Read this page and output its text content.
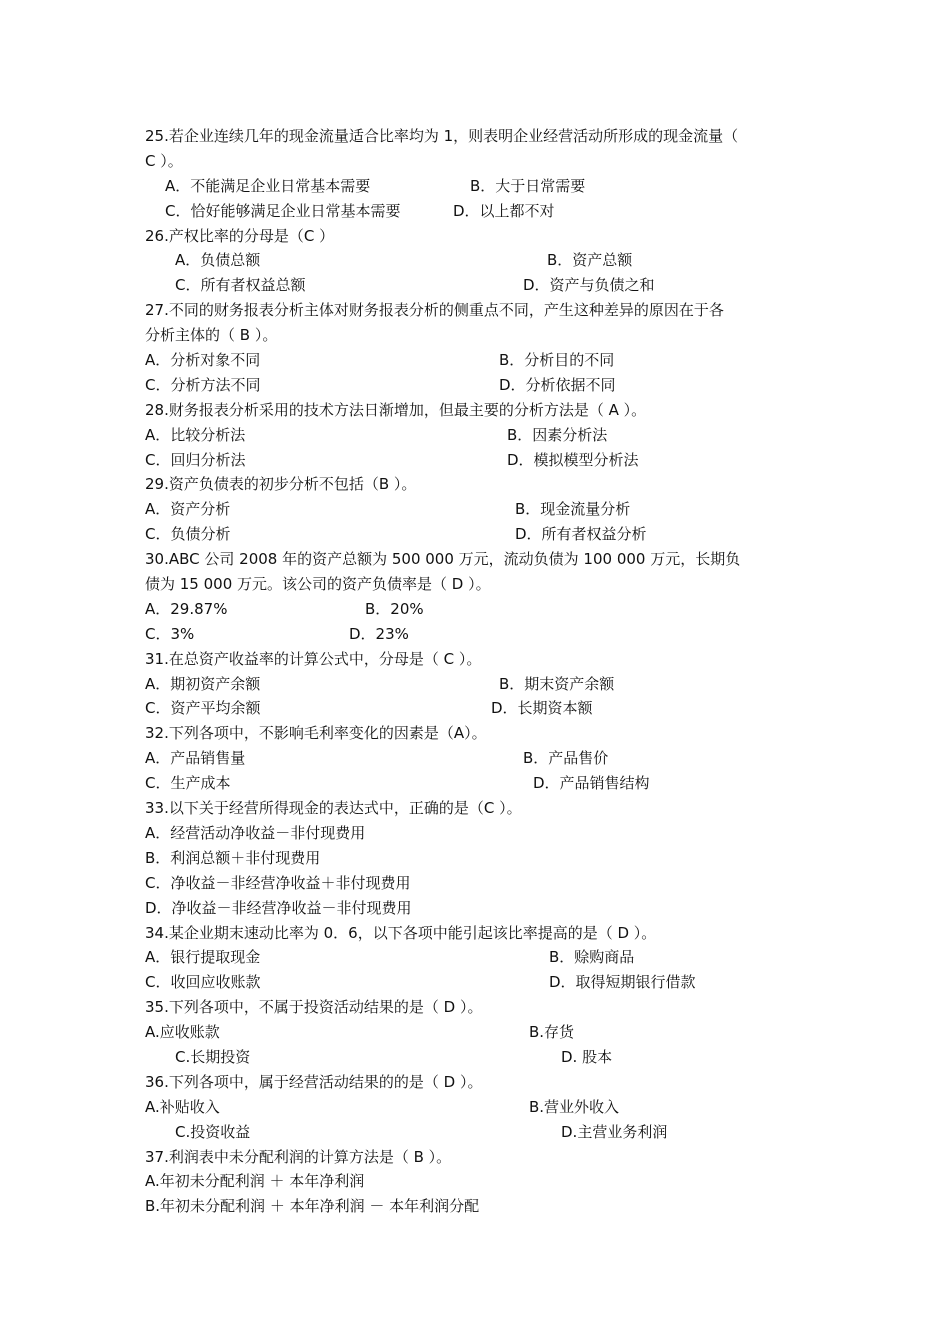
25.若企业连续几年的现金流量适合比率均为 1，则表明企业经营活动所形成的现金流量（
C ）。
A．不能满足企业日常基本需要	B．大于日常需要
C．恰好能够满足企业日常基本需要	D．以上都不对
26.产权比率的分母是（C ）
A．负债总额	B．资产总额
C．所有者权益总额	D．资产与负债之和
27.不同的财务报表分析主体对财务报表分析的侧重点不同，产生这种差异的原因在于各
分析主体的（ B ）。
A．分析对象不同	B．分析目的不同
C．分析方法不同	D．分析依据不同
28.财务报表分析采用的技术方法日渐增加，但最主要的分析方法是（ A ）。
A．比较分析法	B．因素分析法
C．回归分析法	D．模拟模型分析法
29.资产负债表的初步分析不包括（B ）。
A．资产分析	B．现金流量分析
C．负债分析	D．所有者权益分析
30.ABC 公司 2008 年的资产总额为 500 000 万元，流动负债为 100 000 万元，长期负
债为 15 000 万元。该公司的资产负债率是（ D ）。
A．29.87%	B．20%
C．3%	D．23%
31.在总资产收益率的计算公式中，分母是（ C ）。
A．期初资产余额	B．期末资产余额
C．资产平均余额	D．长期资本额
32.下列各项中，不影响毛利率变化的因素是（A）。
A．产品销售量	B．产品售价
C．生产成本	D．产品销售结构
33.以下关于经营所得现金的表达式中，正确的是（C ）。
A．经营活动净收益－非付现费用
B．利润总额＋非付现费用
C．净收益－非经营净收益＋非付现费用
D．净收益－非经营净收益－非付现费用
34.某企业期末速动比率为 0．6，以下各项中能引起该比率提高的是（ D ）。
A．银行提取现金	B．赊购商品
C．收回应收账款	D．取得短期银行借款
35.下列各项中，不属于投资活动结果的是（ D ）。
A.应收账款	B.存货
C.长期投资	D. 股本
36.下列各项中，属于经营活动结果的的是（ D ）。
A.补贴收入	B.营业外收入
C.投资收益	D.主营业务利润
37.利润表中未分配利润的计算方法是（ B ）。
A.年初未分配利润 ＋ 本年净利润
B.年初未分配利润 ＋ 本年净利润 － 本年利润分配
